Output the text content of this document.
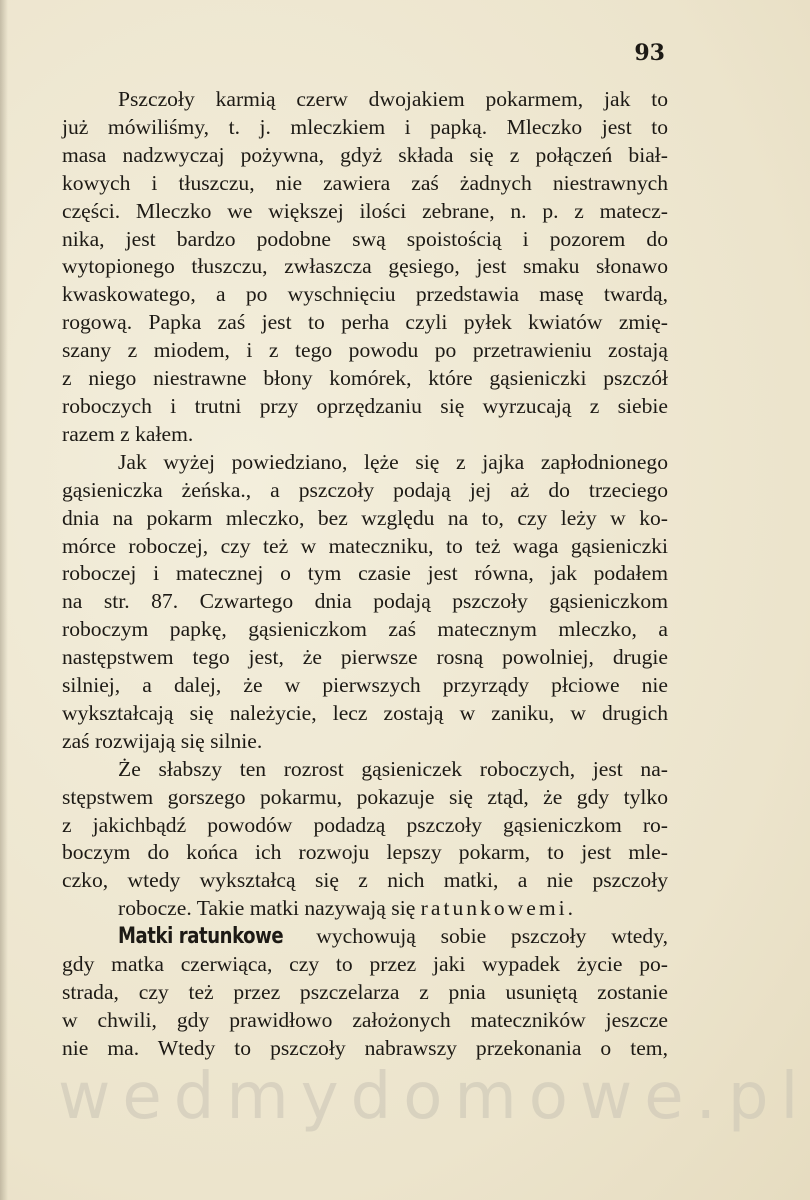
93
Pszczoły karmią czerw dwojakiem pokarmem, jak to
już mówiliśmy, t. j. mleczkiem i papką. Mleczko jest to
masa nadzwyczaj pożywna, gdyż składa się z połączeń biał-
kowych i tłuszczu, nie zawiera zaś żadnych niestrawnych
części. Mleczko we większej ilości zebrane, n. p. z matecz-
nika, jest bardzo podobne swą spoistością i pozorem do
wytopionego tłuszczu, zwłaszcza gęsiego, jest smaku słonawo
kwaskowatego, a po wyschnięciu przedstawia masę twardą,
rogową. Papka zaś jest to perha czyli pyłek kwiatów zmię-
szany z miodem, i z tego powodu po przetrawieniu zostają
z niego niestrawne błony komórek, które gąsieniczki pszczół
roboczych i trutni przy oprzędzaniu się wyrzucają z siebie
razem z kałem.
Jak wyżej powiedziano, lęże się z jajka zapłodnionego
gąsieniczka żeńska., a pszczoły podają jej aż do trzeciego
dnia na pokarm mleczko, bez względu na to, czy leży w ko-
mórce roboczej, czy też w mateczniku, to też waga gąsieniczki
roboczej i matecznej o tym czasie jest równa, jak podałem
na str. 87. Czwartego dnia podają pszczoły gąsieniczkom
roboczym papkę, gąsieniczkom zaś matecznym mleczko, a
następstwem tego jest, że pierwsze rosną powolniej, drugie
silniej, a dalej, że w pierwszych przyrządy płciowe nie
wykształcają się należycie, lecz zostają w zaniku, w drugich
zaś rozwijają się silnie.
Że słabszy ten rozrost gąsieniczek roboczych, jest na-
stępstwem gorszego pokarmu, pokazuje się ztąd, że gdy tylko
z jakichbądź powodów podadzą pszczoły gąsieniczkom ro-
boczym do końca ich rozwoju lepszy pokarm, to jest mle-
czko, wtedy wykształcą się z nich matki, a nie pszczoły
robocze. Takie matki nazywają się ratunkowemi.
Matki ratunkowe wychowują sobie pszczoły wtedy,
gdy matka czerwiąca, czy to przez jaki wypadek życie po-
strada, czy też przez pszczelarza z pnia usuniętą zostanie
w chwili, gdy prawidłowo założonych mateczników jeszcze
nie ma. Wtedy to pszczoły nabrawszy przekonania o tem,
wedmydomowe.pl
